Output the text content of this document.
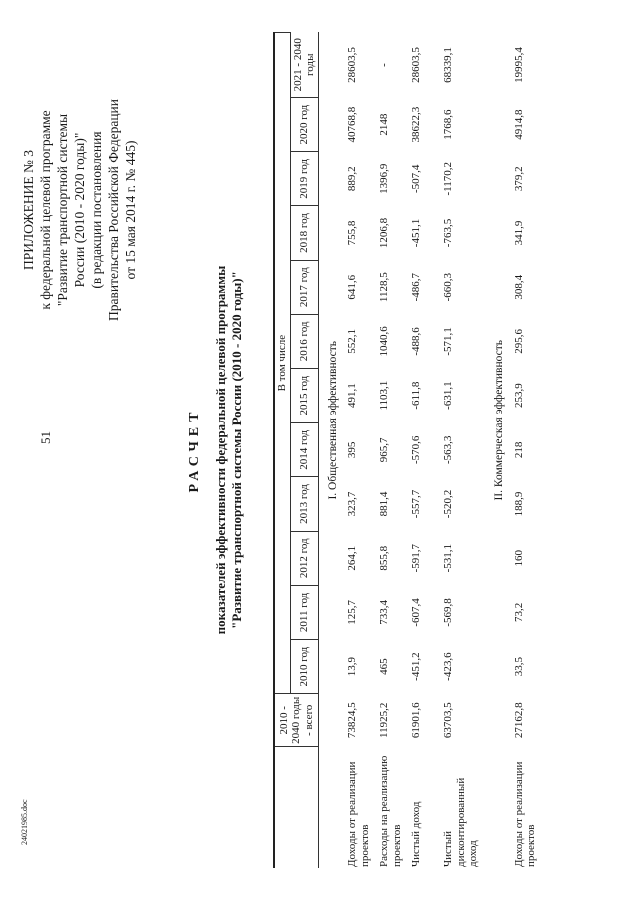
51
24021985.doc
ПРИЛОЖЕНИЕ № 3 к федеральной целевой программе "Развитие транспортной системы России (2010 - 2020 годы)" (в редакции постановления Правительства Российской Федерации от 15 мая 2014 г. № 445)
РАСЧЕТ показателей эффективности федеральной целевой программы "Развитие транспортной системы России (2010 - 2020 годы)"
	2010 - 2040 годы - всего	В том числе											
		2010 год	2011 год	2012 год	2013 год	2014 год	2015 год	2016 год	2017 год	2018 год	2019 год	2020 год	2021 - 2040 годы
I. Общественная эффективность													
Доходы от реализации проектов	73824,5	13,9	125,7	264,1	323,7	395	491,1	552,1	641,6	755,8	889,2	40768,8	28603,5
Расходы на реализацию проектов	11925,2	465	733,4	855,8	881,4	965,7	1103,1	1040,6	1128,5	1206,8	1396,9	2148	-
Чистый доход	61901,6	-451,2	-607,4	-591,7	-557,7	-570,6	-611,8	-488,6	-486,7	-451,1	-507,4	38622,3	28603,5
Чистый дисконтированный доход	63703,5	-423,6	-569,8	-531,1	-520,2	-563,3	-631,1	-571,1	-660,3	-763,5	-1170,2	1768,6	68339,1
II. Коммерческая эффективность													
Доходы от реализации проектов	27162,8	33,5	73,2	160	188,9	218	253,9	295,6	308,4	341,9	379,2	4914,8	19995,4
